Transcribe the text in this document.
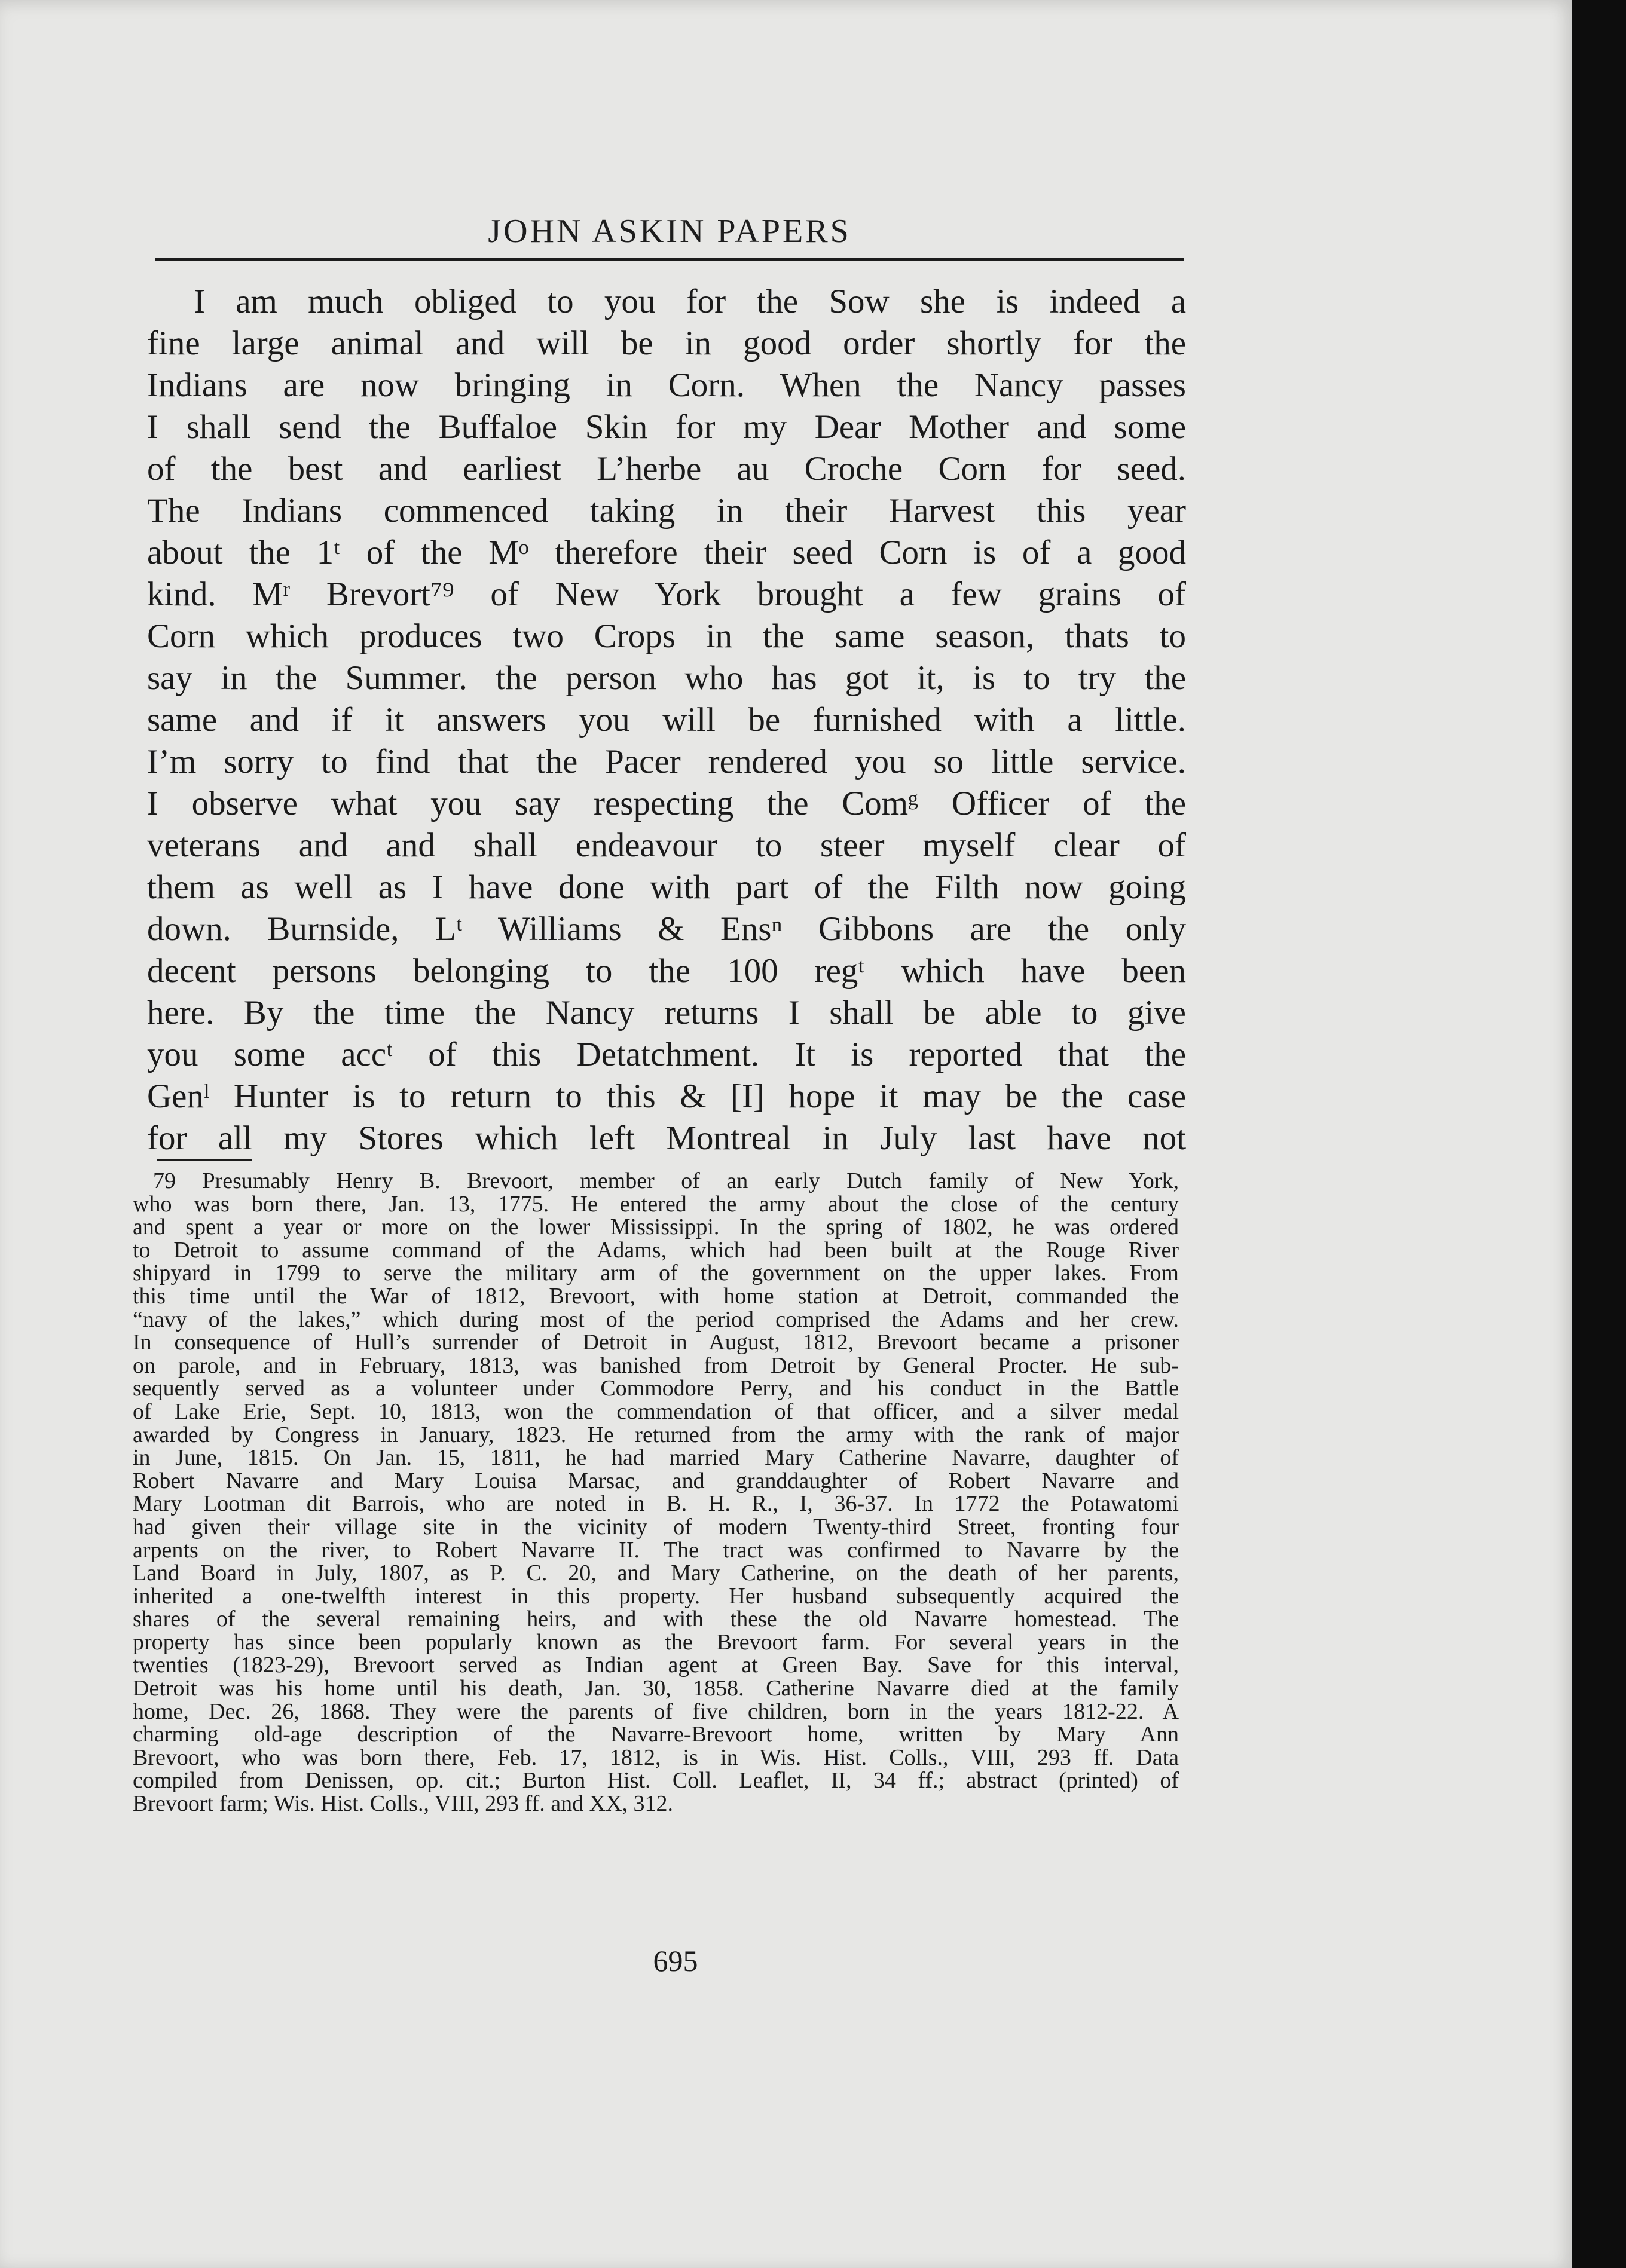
JOHN ASKIN PAPERS
I am much obliged to you for the Sow she is indeed a
fine large animal and will be in good order shortly for the
Indians are now bringing in Corn. When the Nancy passes
I shall send the Buffaloe Skin for my Dear Mother and some
of the best and earliest L’herbe au Croche Corn for seed.
The Indians commenced taking in their Harvest this year
about the 1ᵗ of the Mᵒ therefore their seed Corn is of a good
kind. Mʳ Brevort⁷⁹ of New York brought a few grains of
Corn which produces two Crops in the same season, thats to
say in the Summer. the person who has got it, is to try the
same and if it answers you will be furnished with a little.
I’m sorry to find that the Pacer rendered you so little service.
I observe what you say respecting the Comᵍ Officer of the
veterans and and shall endeavour to steer myself clear of
them as well as I have done with part of the Filth now going
down. Burnside, Lᵗ Williams & Ensⁿ Gibbons are the only
decent persons belonging to the 100 regᵗ which have been
here. By the time the Nancy returns I shall be able to give
you some accᵗ of this Detatchment. It is reported that the
Genˡ Hunter is to return to this & [I] hope it may be the case
for all my Stores which left Montreal in July last have not
79 Presumably Henry B. Brevoort, member of an early Dutch family of New York,
who was born there, Jan. 13, 1775. He entered the army about the close of the century
and spent a year or more on the lower Mississippi. In the spring of 1802, he was ordered
to Detroit to assume command of the Adams, which had been built at the Rouge River
shipyard in 1799 to serve the military arm of the government on the upper lakes. From
this time until the War of 1812, Brevoort, with home station at Detroit, commanded the
“navy of the lakes,” which during most of the period comprised the Adams and her crew.
In consequence of Hull’s surrender of Detroit in August, 1812, Brevoort became a prisoner
on parole, and in February, 1813, was banished from Detroit by General Procter. He sub-
sequently served as a volunteer under Commodore Perry, and his conduct in the Battle
of Lake Erie, Sept. 10, 1813, won the commendation of that officer, and a silver medal
awarded by Congress in January, 1823. He returned from the army with the rank of major
in June, 1815. On Jan. 15, 1811, he had married Mary Catherine Navarre, daughter of
Robert Navarre and Mary Louisa Marsac, and granddaughter of Robert Navarre and
Mary Lootman dit Barrois, who are noted in B. H. R., I, 36-37. In 1772 the Potawatomi
had given their village site in the vicinity of modern Twenty-third Street, fronting four
arpents on the river, to Robert Navarre II. The tract was confirmed to Navarre by the
Land Board in July, 1807, as P. C. 20, and Mary Catherine, on the death of her parents,
inherited a one-twelfth interest in this property. Her husband subsequently acquired the
shares of the several remaining heirs, and with these the old Navarre homestead. The
property has since been popularly known as the Brevoort farm. For several years in the
twenties (1823-29), Brevoort served as Indian agent at Green Bay. Save for this interval,
Detroit was his home until his death, Jan. 30, 1858. Catherine Navarre died at the family
home, Dec. 26, 1868. They were the parents of five children, born in the years 1812-22. A
charming old-age description of the Navarre-Brevoort home, written by Mary Ann
Brevoort, who was born there, Feb. 17, 1812, is in Wis. Hist. Colls., VIII, 293 ff. Data
compiled from Denissen, op. cit.; Burton Hist. Coll. Leaflet, II, 34 ff.; abstract (printed) of
Brevoort farm; Wis. Hist. Colls., VIII, 293 ff. and XX, 312.
695
